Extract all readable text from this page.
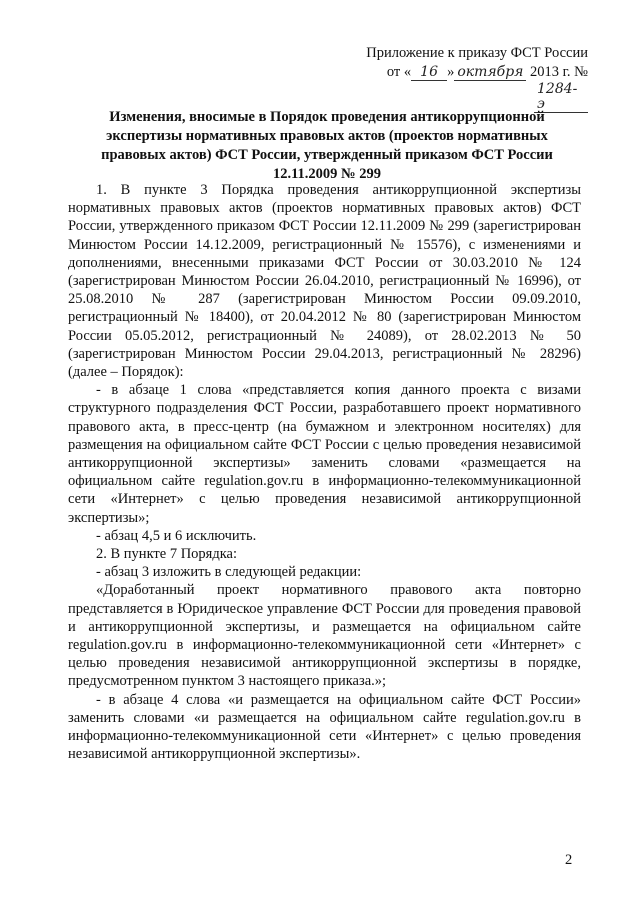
Приложение к приказу ФСТ России
от « 16 » октября 2013 г. № 1284-э
Изменения, вносимые в Порядок проведения антикоррупционной экспертизы нормативных правовых актов (проектов нормативных правовых актов) ФСТ России, утвержденный приказом ФСТ России 12.11.2009 № 299

1. В пункте 3 Порядка проведения антикоррупционной экспертизы нормативных правовых актов (проектов нормативных правовых актов) ФСТ России, утвержденного приказом ФСТ России 12.11.2009 № 299 (зарегистрирован Минюстом России 14.12.2009, регистрационный № 15576), с изменениями и дополнениями, внесенными приказами ФСТ России от 30.03.2010 № 124 (зарегистрирован Минюстом России 26.04.2010, регистрационный № 16996), от 25.08.2010 № 287 (зарегистрирован Минюстом России 09.09.2010, регистрационный № 18400), от 20.04.2012 № 80 (зарегистрирован Минюстом России 05.05.2012, регистрационный № 24089), от 28.02.2013 № 50 (зарегистрирован Минюстом России 29.04.2013, регистрационный № 28296) (далее – Порядок):

- в абзаце 1 слова «представляется копия данного проекта с визами структурного подразделения ФСТ России, разработавшего проект нормативного правового акта, в пресс-центр (на бумажном и электронном носителях) для размещения на официальном сайте ФСТ России с целью проведения независимой антикоррупционной экспертизы» заменить словами «размещается на официальном сайте regulation.gov.ru в информационно-телекоммуникационной сети «Интернет» с целью проведения независимой антикоррупционной экспертизы»;

- абзац 4,5 и 6 исключить.

2. В пункте 7 Порядка:

- абзац 3 изложить в следующей редакции:

«Доработанный проект нормативного правового акта повторно представляется в Юридическое управление ФСТ России для проведения правовой и антикоррупционной экспертизы, и размещается на официальном сайте regulation.gov.ru в информационно-телекоммуникационной сети «Интернет» с целью проведения независимой антикоррупционной экспертизы в порядке, предусмотренном пунктом 3 настоящего приказа.»;

- в абзаце 4 слова «и размещается на официальном сайте ФСТ России» заменить словами «и размещается на официальном сайте regulation.gov.ru в информационно-телекоммуникационной сети «Интернет» с целью проведения независимой антикоррупционной экспертизы».

2
